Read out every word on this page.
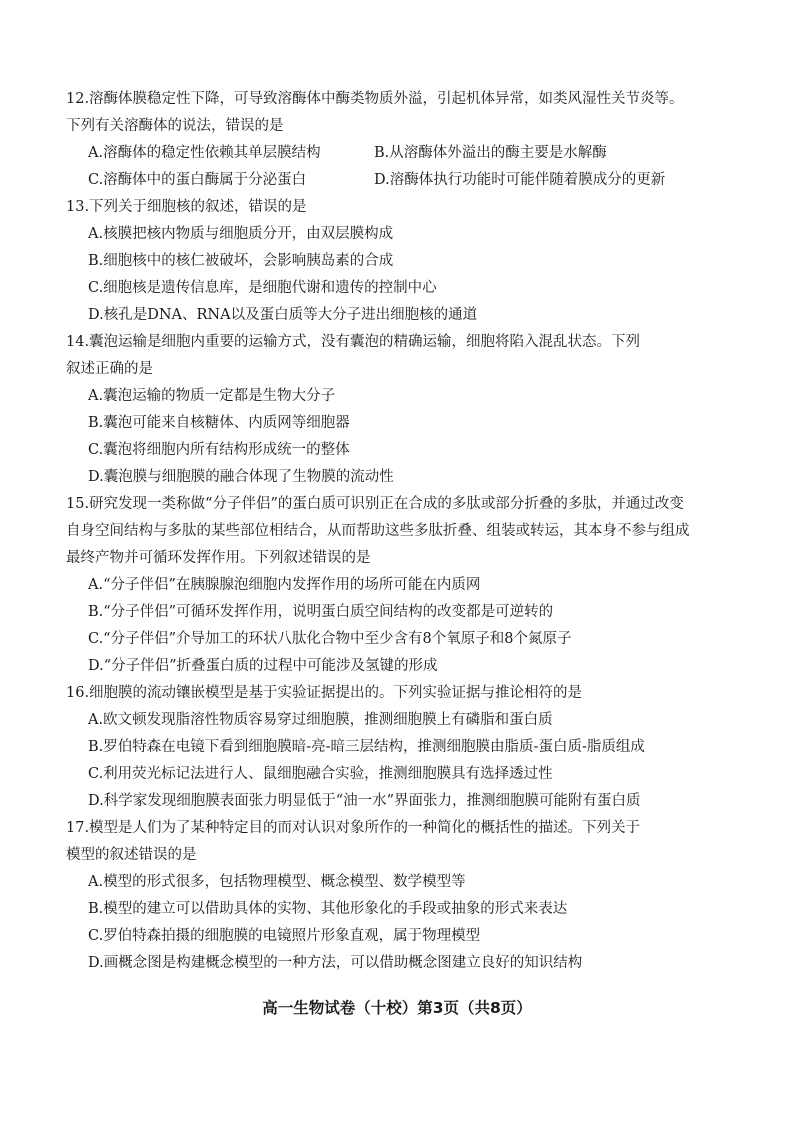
12.溶酶体膜稳定性下降，可导致溶酶体中酶类物质外溢，引起机体异常，如类风湿性关节炎等。
下列有关溶酶体的说法，错误的是
A.溶酶体的稳定性依赖其单层膜结构	B.从溶酶体外溢出的酶主要是水解酶
C.溶酶体中的蛋白酶属于分泌蛋白	D.溶酶体执行功能时可能伴随着膜成分的更新
13.下列关于细胞核的叙述，错误的是
A.核膜把核内物质与细胞质分开，由双层膜构成
B.细胞核中的核仁被破坏，会影响胰岛素的合成
C.细胞核是遗传信息库，是细胞代谢和遗传的控制中心
D.核孔是DNA、RNA以及蛋白质等大分子进出细胞核的通道
14.囊泡运输是细胞内重要的运输方式，没有囊泡的精确运输，细胞将陷入混乱状态。下列
叙述正确的是
A.囊泡运输的物质一定都是生物大分子
B.囊泡可能来自核糖体、内质网等细胞器
C.囊泡将细胞内所有结构形成统一的整体
D.囊泡膜与细胞膜的融合体现了生物膜的流动性
15.研究发现一类称做“分子伴侣”的蛋白质可识别正在合成的多肽或部分折叠的多肽，并通过改变
自身空间结构与多肽的某些部位相结合，从而帮助这些多肽折叠、组装或转运，其本身不参与组成
最终产物并可循环发挥作用。下列叙述错误的是
A.“分子伴侣”在胰腺腺泡细胞内发挥作用的场所可能在内质网
B.“分子伴侣”可循环发挥作用，说明蛋白质空间结构的改变都是可逆转的
C.“分子伴侣”介导加工的环状八肽化合物中至少含有8个氧原子和8个氮原子
D.“分子伴侣”折叠蛋白质的过程中可能涉及氢键的形成
16.细胞膜的流动镶嵌模型是基于实验证据提出的。下列实验证据与推论相符的是
A.欧文顿发现脂溶性物质容易穿过细胞膜，推测细胞膜上有磷脂和蛋白质
B.罗伯特森在电镜下看到细胞膜暗-亮-暗三层结构，推测细胞膜由脂质-蛋白质-脂质组成
C.利用荧光标记法进行人、鼠细胞融合实验，推测细胞膜具有选择透过性
D.科学家发现细胞膜表面张力明显低于“油一水”界面张力，推测细胞膜可能附有蛋白质
17.模型是人们为了某种特定目的而对认识对象所作的一种简化的概括性的描述。下列关于
模型的叙述错误的是
A.模型的形式很多，包括物理模型、概念模型、数学模型等
B.模型的建立可以借助具体的实物、其他形象化的手段或抽象的形式来表达
C.罗伯特森拍摄的细胞膜的电镜照片形象直观，属于物理模型
D.画概念图是构建概念模型的一种方法，可以借助概念图建立良好的知识结构
高一生物试卷（十校）第3页（共8页）
